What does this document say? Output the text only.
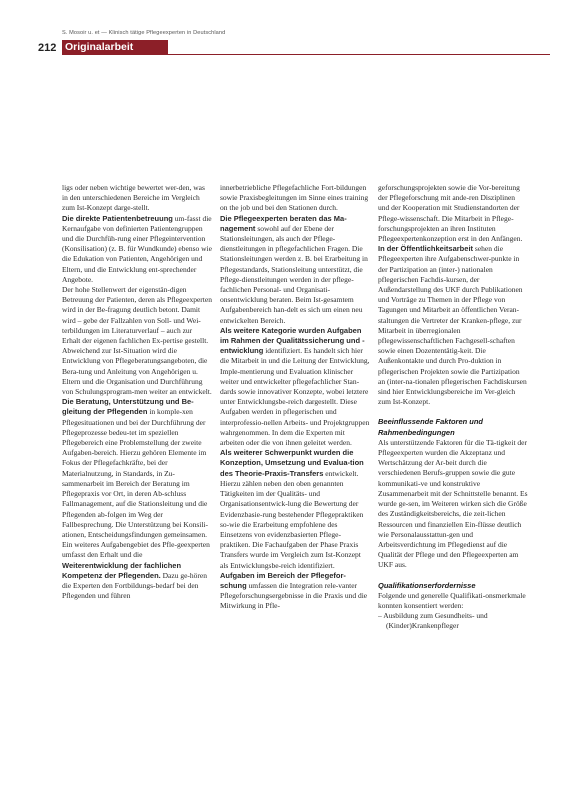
S. Mosoir u. et — Klinisch tätige Pflegeexperten in Deutschland
212 Originalarbeit

ligs oder neben wichtige bewertet wer-den, was in den unterschiedenen Bereiche im Vergleich zum Ist-Konzept darge-stellt.

Die direkte Patientenbetreuung um-fasst die Kernaufgabe von definierten Patientengruppen und die Durchfüh-rung einer Pflegeintervention (Konsilisation) (z. B. für Wundkunde) ebenso wie die Edukation von Patienten, Angehörigen und Eltern, und die Entwicklung ent-sprechender Angebote.

Der hohe Stellenwert der eigenstän-digen Betreuung der Patienten, deren als Pflegeexperten wird in der Be-fragung deutlich betont. Damit wird – gebe der Fallzahlen von Soll- und Wei-terbildungen im Literaturverlauf – auch zur Erhalt der eigenen fachlichen Ex-pertise gestellt. Abweichend zur Ist-Situation wird die Entwicklung von Pflegeberatungsangeboten, die Bera-tung und Anleitung von Angehörigen u. Eltern und die Organisation und Durchführung von Schulungsprogram-men weiter an entwickelt.

Die Beratung, Unterstützung und Be-gleitung der Pflegenden in komple-xen Pflegesituationen und bei der Durchführung der Pflegeprozesse bedeu-tet im speziellen Pflegebereich eine Problemstellung der zweite Aufgaben-bereich. Hierzu gehören Elemente im Fokus der Pflegefachkräfte, bei der Materialnutzung, in Standards, in Zu-sammenarbeit im Bereich der Beratung im Pflegepraxis vor Ort, in deren Ab-schluss Fallmanagement, auf die Stationsleitung und die Pflegenden ab-folgen im Weg der Fallbesprechung. Die Unterstützung bei Konsili-ationen, Entscheidungsfindungen gemeinsamen.

Ein weiteres Aufgabengebiet des Pfle-geexperten umfasst den Erhalt und die

Weiterentwicklung der fachlichen Kompetenz der Pflegenden. Dazu ge-hören die Experten den Fortbildungs-bedarf bei den Pflegenden und führen

innerbetriebliche Pflegefachliche Fort-bildungen sowie Praxisbegleitungen im Sinne eines training on the job und bei den Stationen durch.

Die Pflegeexperten beraten das Ma-nagement sowohl auf der Ebene der Stationsleitungen, als auch der Pflege-dienstleitungen in pflegefachlichen Fragen. Die Stationsleitungen werden z. B. bei Erarbeitung in Pflegestandards, Stationsleitung unterstützt, die Pflege-dienstleitungen werden in der pflege-fachlichen Personal- und Organisati-onsentwicklung beraten. Beim Ist-gesamtem Aufgabenbereich han-delt es sich um einen neu entwickelten Bereich.

Als weitere Kategorie wurden Aufgaben im Rahmen der Qualitätssicherung und -entwicklung identifiziert. Es handelt sich hier die Mitarbeit in und die Leitung der Entwicklung, Imple-mentierung und Evaluation klinischer weiter und entwickelter pflegefachlicher Stan-dards sowie innovativer Konzepte, wobei letztere unter Entwicklungsbe-reich dargestellt. Diese Aufgaben werden in pflegerischen und interprofessio-nellen Arbeits- und Projektgruppen wahrgenommen. In dem die Experten mit arbeiten oder die von ihnen geleitet werden.

Als weiterer Schwerpunkt wurden die Konzeption, Umsetzung und Evalua-tion des Theorie-Praxis-Transfers entwickelt. Hierzu zählen neben den oben genannten Tätigkeiten im der Qualitäts- und Organisationsentwick-lung die Bewertung der Evidenzbasie-rung bestehender Pflegepraktiken so-wie die Erarbeitung empfohlene des Einsetzens von evidenzbasierten Pflege-praktiken. Die Fachaufgaben der Phase Praxis Transfers wurde im Vergleich zum Ist-Konzept als Entwicklungsbe-reich identifiziert.

Aufgaben im Bereich der Pflegefor-schung umfassen die Integration rele-vanter Pflegeforschungsergebnisse in die Praxis und die Mitwirkung in Pfle-

geforschungsprojekten sowie die Vor-bereitung der Pflegeforschung mit ande-ren Disziplinen und der Kooperation mit Studienstandorten der Pflege-wissenschaft. Die Mitarbeit in Pflege-forschungsprojekten an ihren Instituten Pflegeexpertenkonzeption erst in den Anfängen.

In der Öffentlichkeitsarbeit sehen die Pflegeexperten ihre Aufgabenschwer-punkte in der Partizipation an (inter-) nationalen pflegerischen Fachdis-kursen, der Außendarstellung des UKF durch Publikationen und Vorträge zu Themen in der Pflege von Tagungen und Mitarbeit an öffentlichen Veran-staltungen die Vertreter der Kranken-pflege, zur Mitarbeit in überregionalen pflegewissenschaftlichen Fachgesell-schaften sowie einen Dozententätig-keit. Die Außenkontakte und durch Pro-duktion in pflegerischen Projekten sowie die Partizipation an (inter-na-tionalen pflegerischen Fachdiskursen sind hier Entwicklungsbereiche im Ver-gleich zum Ist-Konzept.

Beeinflussende Faktoren und Rahmenbedingungen

Als unterstützende Faktoren für die Tä-tigkeit der Pflegeexperten wurden die Akzeptanz und Wertschätzung der Ar-beit durch die verschiedenen Berufs-gruppen sowie die gute kommunikati-ve und konstruktive Zusammenarbeit mit der Schnittstelle benannt. Es wurde ge-sen, im Weiteren wirken sich die Größe des Zuständigkeitsbereichs, die zeit-lichen Ressourcen und finanziellen Ein-flüsse deutlich wie Personalausstattun-gen und Arbeitsverdichtung im Pflegedienst auf die Qualität der Pflege und den Pflegeexperten am UKF aus.

Qualifikationserfordernisse

Folgende und generelle Qualifikati-onsmerkmale konnten konsentiert werden:

– Ausbildung zum Gesundheits- und (Kinder)Krankenpfleger
